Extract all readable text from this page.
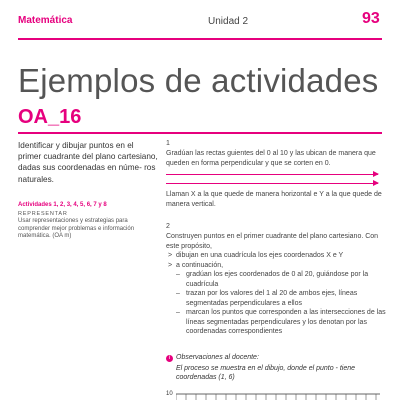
Matemática	Unidad 2	93
Ejemplos de actividades
OA_16
Identificar y dibujar puntos en el primer cuadrante del plano cartesiano, dadas sus coordenadas en núme- ros naturales.
Actividades 1, 2, 3, 4, 5, 6, 7 y 8
REPRESENTAR
Usar representaciones y estrategias para comprender mejor problemas e información matemática. (OA m)
1
Gradúan las rectas guientes del 0 al 10 y las ubican de manera que queden en forma perpendicular y que se corten en 0.
Llaman X a la que quede de manera horizontal e Y a la que quede de manera vertical.
2
Construyen puntos en el primer cuadrante del plano cartesiano. Con este propósito,
> dibujan en una cuadrícula los ejes coordenados X e Y
> a continuación,
– gradúan los ejes coordenados de 0 al 20, guiándose por la cuadrícula
– trazan por los valores del 1 al 20 de ambos ejes, líneas segmentadas perpendiculares a ellos
– marcan los puntos que corresponden a las intersecciones de las líneas segmentadas perpendiculares y los denotan por las coordenadas correspondientes
i Observaciones al docente:
El proceso se muestra en el dibujo, donde el punto - tiene coordenadas (1, 6)
10
